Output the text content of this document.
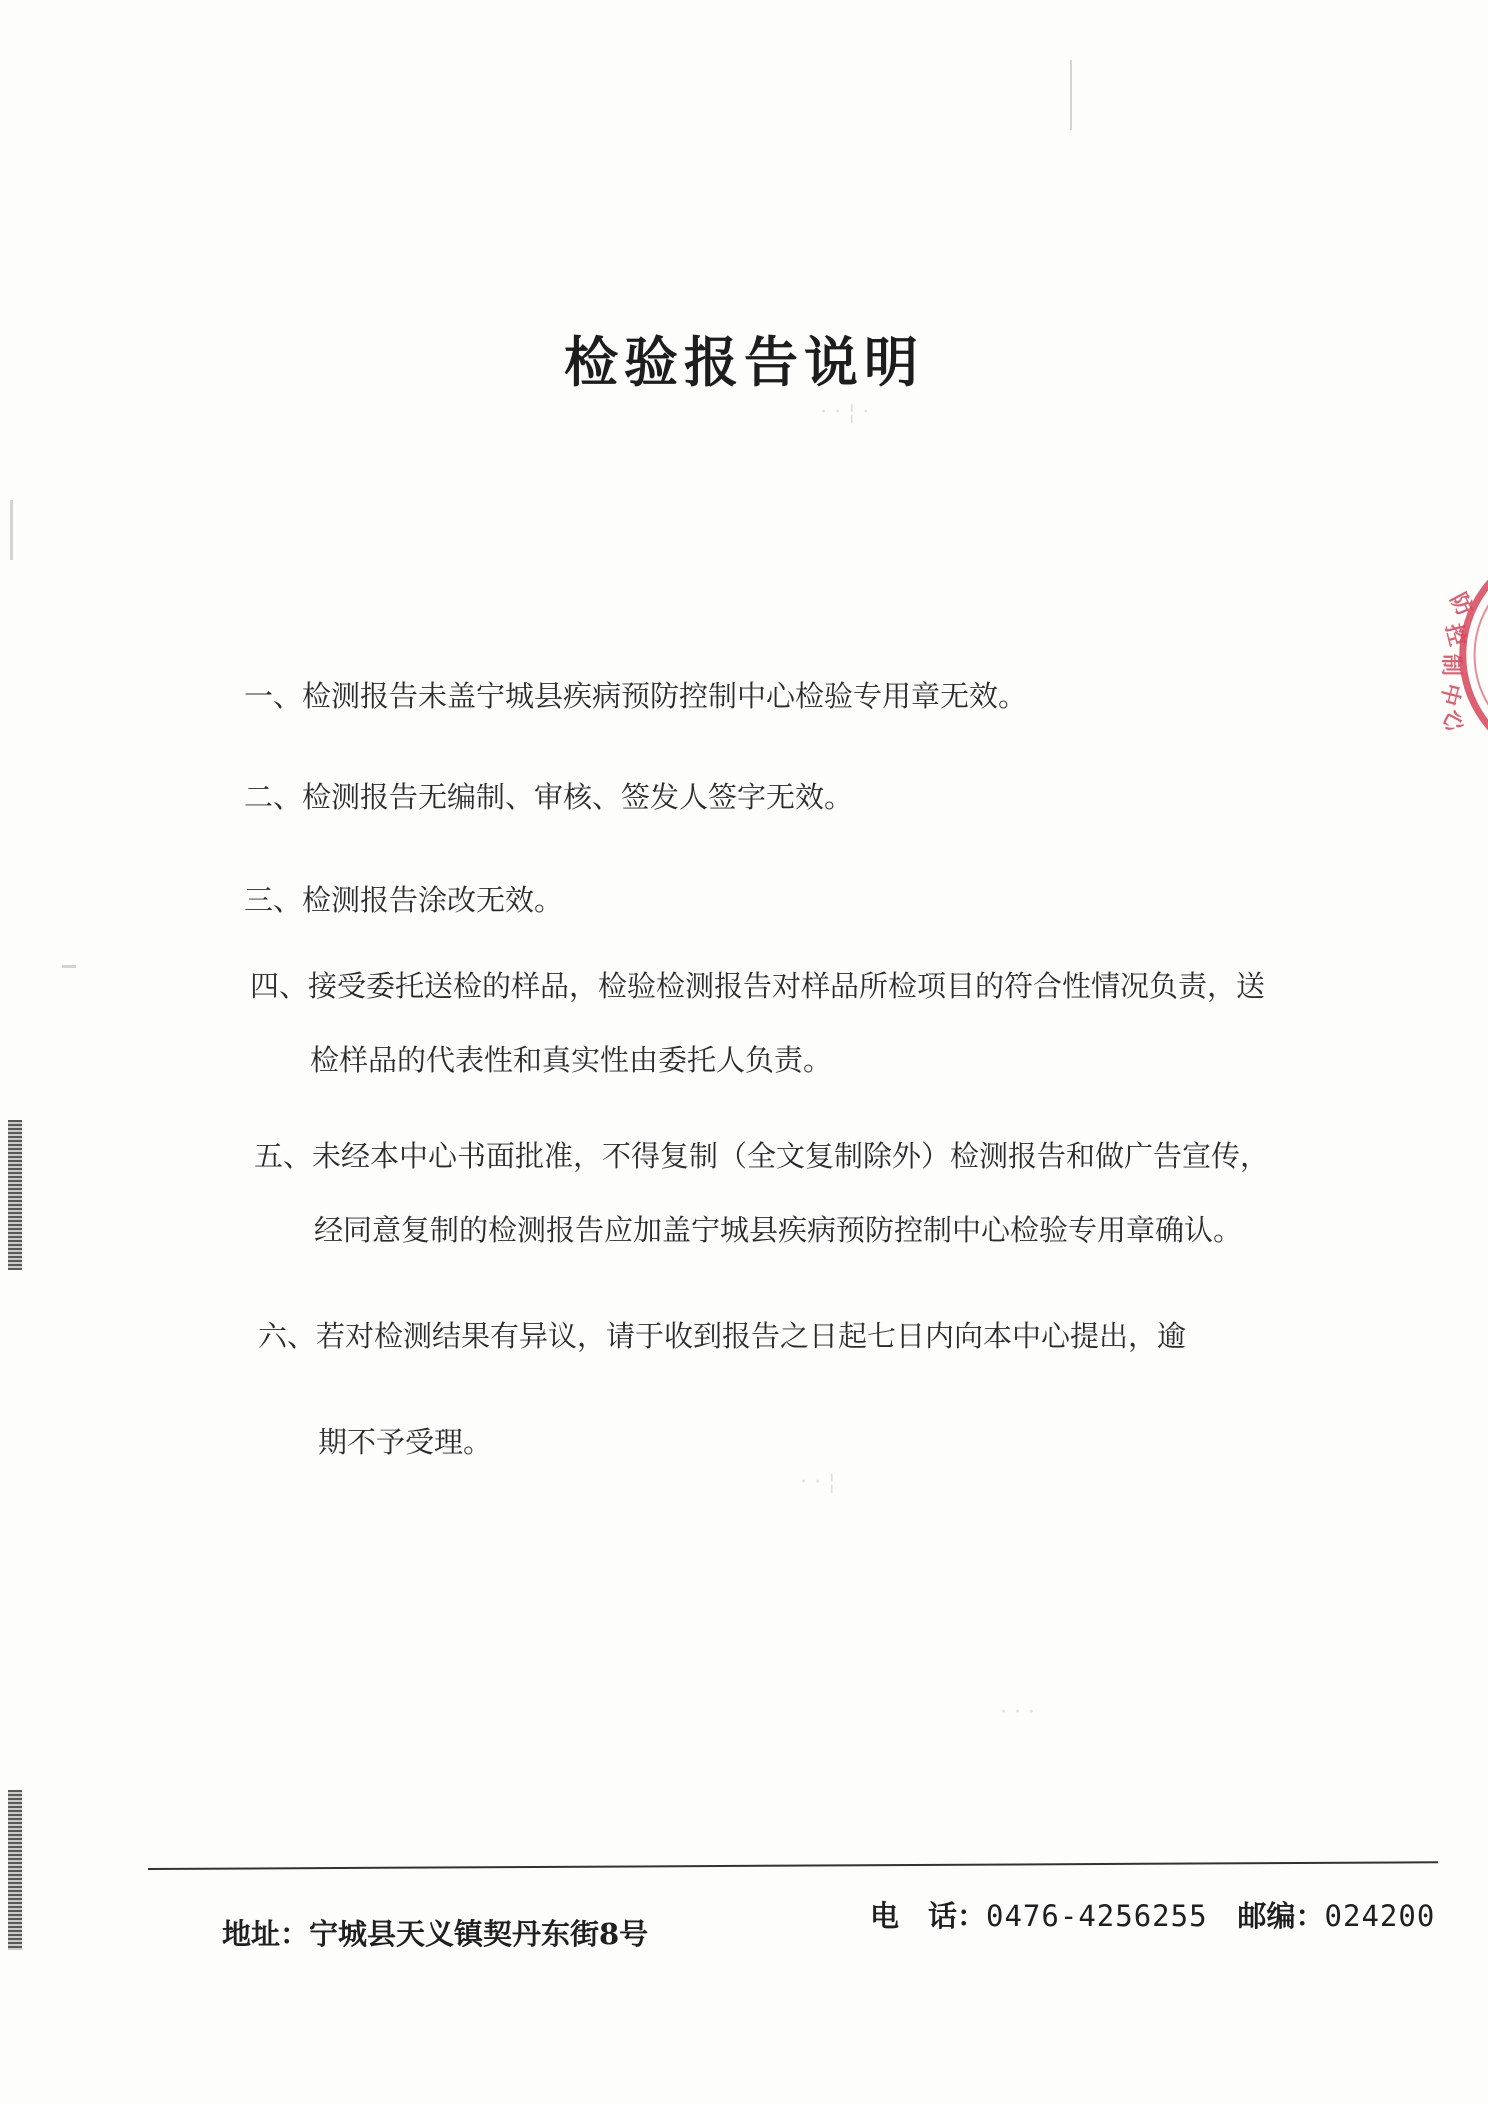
检验报告说明
一、检测报告未盖宁城县疾病预防控制中心检验专用章无效。
二、检测报告无编制、审核、签发人签字无效。
三、检测报告涂改无效。
四、接受委托送检的样品，检验检测报告对样品所检项目的符合性情况负责，送
检样品的代表性和真实性由委托人负责。
五、未经本中心书面批准，不得复制（全文复制除外）检测报告和做广告宣传，
经同意复制的检测报告应加盖宁城县疾病预防控制中心检验专用章确认。
六、若对检测结果有异议，请于收到报告之日起七日内向本中心提出，逾
期不予受理。
· · ¦ ·
· · ¦
· · ·
防
控
制
中
心
地址：宁城县天义镇契丹东街8号
电　话：0476-4256255 邮编：024200
